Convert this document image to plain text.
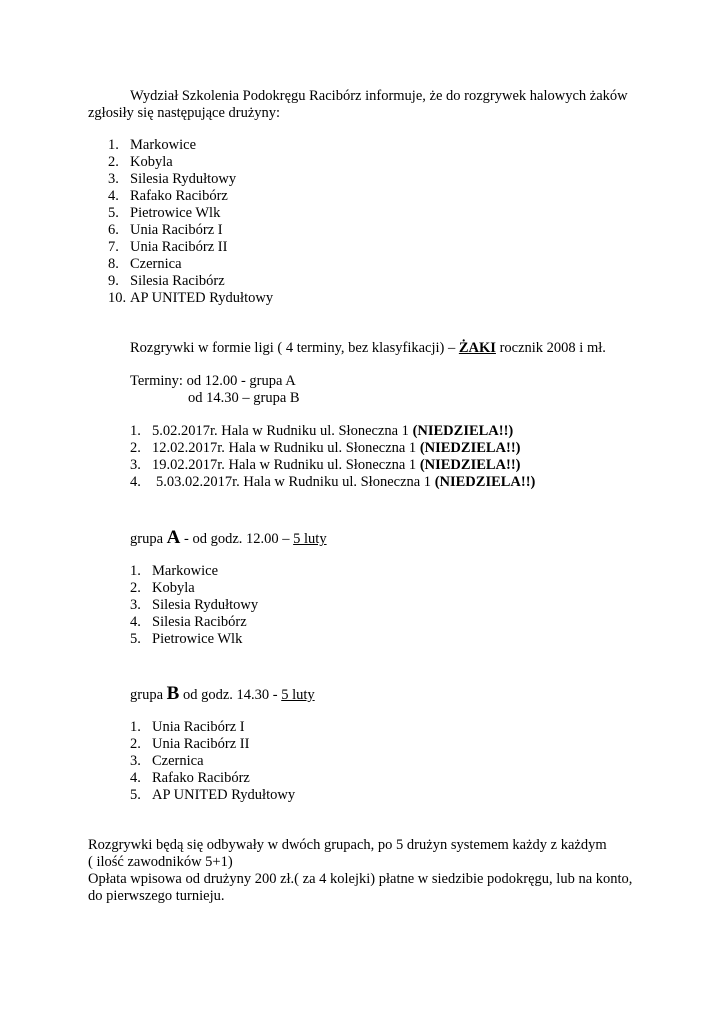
Wydział Szkolenia Podokręgu Racibórz informuje, że do rozgrywek halowych żaków
zgłosiły się następujące drużyny:
1. Markowice
2. Kobyla
3. Silesia Rydułtowy
4. Rafako Racibórz
5. Pietrowice Wlk
6. Unia Racibórz I
7. Unia Racibórz II
8. Czernica
9. Silesia Racibórz
10. AP UNITED Rydułtowy
Rozgrywki w formie ligi ( 4 terminy, bez klasyfikacji) – ŻAKI rocznik 2008 i mł.
Terminy: od 12.00 - grupa A
od 14.30 – grupa B
1. 5.02.2017r. Hala w Rudniku ul. Słoneczna 1 (NIEDZIELA!!)
2. 12.02.2017r. Hala w Rudniku ul. Słoneczna 1 (NIEDZIELA!!)
3. 19.02.2017r. Hala w Rudniku ul. Słoneczna 1 (NIEDZIELA!!)
4. 5.03.02.2017r. Hala w Rudniku ul. Słoneczna 1 (NIEDZIELA!!)
grupa A - od godz. 12.00 – 5 luty
1. Markowice
2. Kobyla
3. Silesia Rydułtowy
4. Silesia Racibórz
5. Pietrowice Wlk
grupa B od godz. 14.30 - 5 luty
1. Unia Racibórz I
2. Unia Racibórz II
3. Czernica
4. Rafako Racibórz
5. AP UNITED Rydułtowy
Rozgrywki będą się odbywały w dwóch grupach, po 5 drużyn systemem każdy z każdym
( ilość zawodników 5+1)
Opłata wpisowa od drużyny 200 zł.( za 4 kolejki) płatne w siedzibie podokręgu, lub na konto,
do pierwszego turnieju.
